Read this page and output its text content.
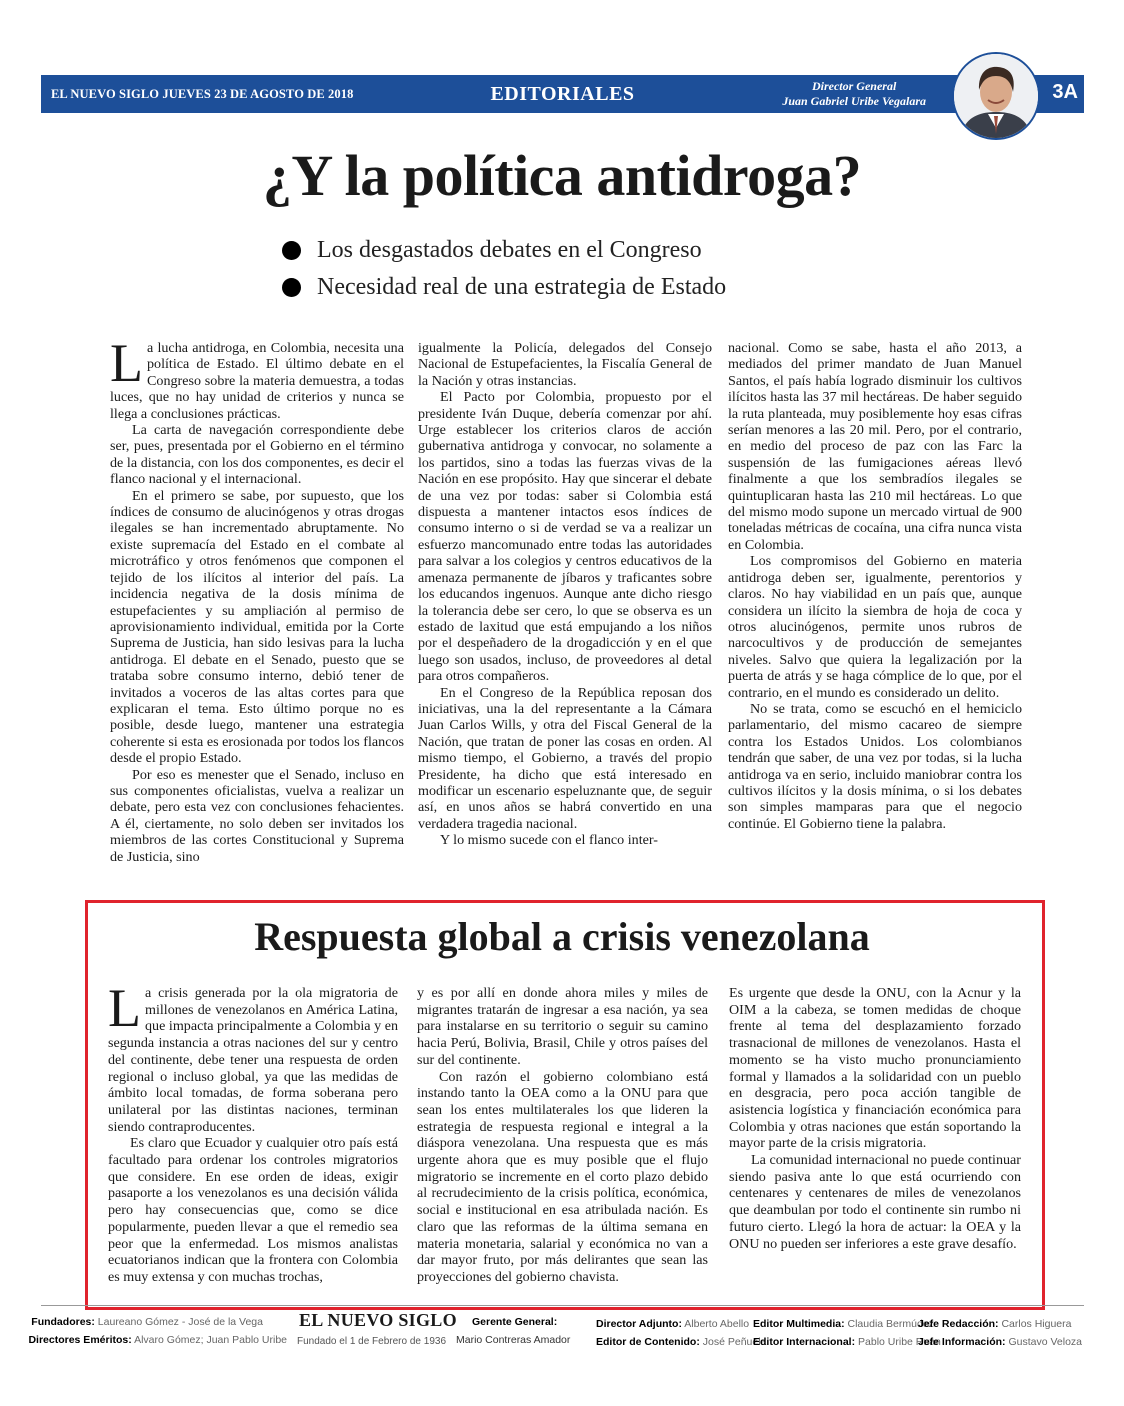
EL NUEVO SIGLO JUEVES 23 DE AGOSTO DE 2018	EDITORIALES	Director General
Juan Gabriel Uribe Vegalara	3A
¿Y la política antidroga?
Los desgastados debates en el Congreso
Necesidad real de una estrategia de Estado

La lucha antidroga, en Colombia, necesita una política de Estado. El último debate en el Congreso sobre la materia demuestra, a todas luces, que no hay unidad de criterios y nunca se llega a conclusiones prácticas.

La carta de navegación correspondiente debe ser, pues, presentada por el Gobierno en el término de la distancia, con los dos componentes, es decir el flanco nacional y el internacional.

En el primero se sabe, por supuesto, que los índices de consumo de alucinógenos y otras drogas ilegales se han incrementado abruptamente. No existe supremacía del Estado en el combate al microtráfico y otros fenómenos que componen el tejido de los ilícitos al interior del país. La incidencia negativa de la dosis mínima de estupefacientes y su ampliación al permiso de aprovisionamiento individual, emitida por la Corte Suprema de Justicia, han sido lesivas para la lucha antidroga. El debate en el Senado, puesto que se trataba sobre consumo interno, debió tener de invitados a voceros de las altas cortes para que explicaran el tema. Esto último porque no es posible, desde luego, mantener una estrategia coherente si esta es erosionada por todos los flancos desde el propio Estado.

Por eso es menester que el Senado, incluso en sus componentes oficialistas, vuelva a realizar un debate, pero esta vez con conclusiones fehacientes. A él, ciertamente, no solo deben ser invitados los miembros de las cortes Constitucional y Suprema de Justicia, sino

igualmente la Policía, delegados del Consejo Nacional de Estupefacientes, la Fiscalía General de la Nación y otras instancias.

El Pacto por Colombia, propuesto por el presidente Iván Duque, debería comenzar por ahí. Urge establecer los criterios claros de acción gubernativa antidroga y convocar, no solamente a los partidos, sino a todas las fuerzas vivas de la Nación en ese propósito. Hay que sincerar el debate de una vez por todas: saber si Colombia está dispuesta a mantener intactos esos índices de consumo interno o si de verdad se va a realizar un esfuerzo mancomunado entre todas las autoridades para salvar a los colegios y centros educativos de la amenaza permanente de jíbaros y traficantes sobre los educandos ingenuos. Aunque ante dicho riesgo la tolerancia debe ser cero, lo que se observa es un estado de laxitud que está empujando a los niños por el despeñadero de la drogadicción y en el que luego son usados, incluso, de proveedores al detal para otros compañeros.

En el Congreso de la República reposan dos iniciativas, una la del representante a la Cámara Juan Carlos Wills, y otra del Fiscal General de la Nación, que tratan de poner las cosas en orden. Al mismo tiempo, el Gobierno, a través del propio Presidente, ha dicho que está interesado en modificar un escenario espeluznante que, de seguir así, en unos años se habrá convertido en una verdadera tragedia nacional.

Y lo mismo sucede con el flanco inter-

nacional. Como se sabe, hasta el año 2013, a mediados del primer mandato de Juan Manuel Santos, el país había logrado disminuir los cultivos ilícitos hasta las 37 mil hectáreas. De haber seguido la ruta planteada, muy posiblemente hoy esas cifras serían menores a las 20 mil. Pero, por el contrario, en medio del proceso de paz con las Farc la suspensión de las fumigaciones aéreas llevó finalmente a que los sembradíos ilegales se quintuplicaran hasta las 210 mil hectáreas. Lo que del mismo modo supone un mercado virtual de 900 toneladas métricas de cocaína, una cifra nunca vista en Colombia.

Los compromisos del Gobierno en materia antidroga deben ser, igualmente, perentorios y claros. No hay viabilidad en un país que, aunque considera un ilícito la siembra de hoja de coca y otros alucinógenos, permite unos rubros de narcocultivos y de producción de semejantes niveles. Salvo que quiera la legalización por la puerta de atrás y se haga cómplice de lo que, por el contrario, en el mundo es considerado un delito.

No se trata, como se escuchó en el hemiciclo parlamentario, del mismo cacareo de siempre contra los Estados Unidos. Los colombianos tendrán que saber, de una vez por todas, si la lucha antidroga va en serio, incluido maniobrar contra los cultivos ilícitos y la dosis mínima, o si los debates son simples mamparas para que el negocio continúe. El Gobierno tiene la palabra.

Respuesta global a crisis venezolana

La crisis generada por la ola migratoria de millones de venezolanos en América Latina, que impacta principalmente a Colombia y en segunda instancia a otras naciones del sur y centro del continente, debe tener una respuesta de orden regional o incluso global, ya que las medidas de ámbito local tomadas, de forma soberana pero unilateral por las distintas naciones, terminan siendo contraproducentes.

Es claro que Ecuador y cualquier otro país está facultado para ordenar los controles migratorios que considere. En ese orden de ideas, exigir pasaporte a los venezolanos es una decisión válida pero hay consecuencias que, como se dice popularmente, pueden llevar a que el remedio sea peor que la enfermedad. Los mismos analistas ecuatorianos indican que la frontera con Colombia es muy extensa y con muchas trochas,

y es por allí en donde ahora miles y miles de migrantes tratarán de ingresar a esa nación, ya sea para instalarse en su territorio o seguir su camino hacia Perú, Bolivia, Brasil, Chile y otros países del sur del continente.

Con razón el gobierno colombiano está instando tanto la OEA como a la ONU para que sean los entes multilaterales los que lideren la estrategia de respuesta regional e integral a la diáspora venezolana. Una respuesta que es más urgente ahora que es muy posible que el flujo migratorio se incremente en el corto plazo debido al recrudecimiento de la crisis política, económica, social e institucional en esa atribulada nación. Es claro que las reformas de la última semana en materia monetaria, salarial y económica no van a dar mayor fruto, por más delirantes que sean las proyecciones del gobierno chavista.

Es urgente que desde la ONU, con la Acnur y la OIM a la cabeza, se tomen medidas de choque frente al tema del desplazamiento forzado trasnacional de millones de venezolanos. Hasta el momento se ha visto mucho pronunciamiento formal y llamados a la solidaridad con un pueblo en desgracia, pero poca acción tangible de asistencia logística y financiación económica para Colombia y otras naciones que están soportando la mayor parte de la crisis migratoria.

La comunidad internacional no puede continuar siendo pasiva ante lo que está ocurriendo con centenares y centenares de miles de venezolanos que deambulan por todo el continente sin rumbo ni futuro cierto. Llegó la hora de actuar: la OEA y la ONU no pueden ser inferiores a este grave desafío.

Fundadores: Laureano Gómez - José de la Vega
Directores Eméritos: Alvaro Gómez; Juan Pablo Uribe
EL NUEVO SIGLO
Fundado el 1 de Febrero de 1936
Gerente General:
Mario Contreras Amador
Director Adjunto: Alberto Abello
Editor de Contenido: José Peñuela
Editor Multimedia: Claudia Bermúdez
Editor Internacional: Pablo Uribe Ruan
Jefe Redacción: Carlos Higuera
Jefe Información: Gustavo Veloza
